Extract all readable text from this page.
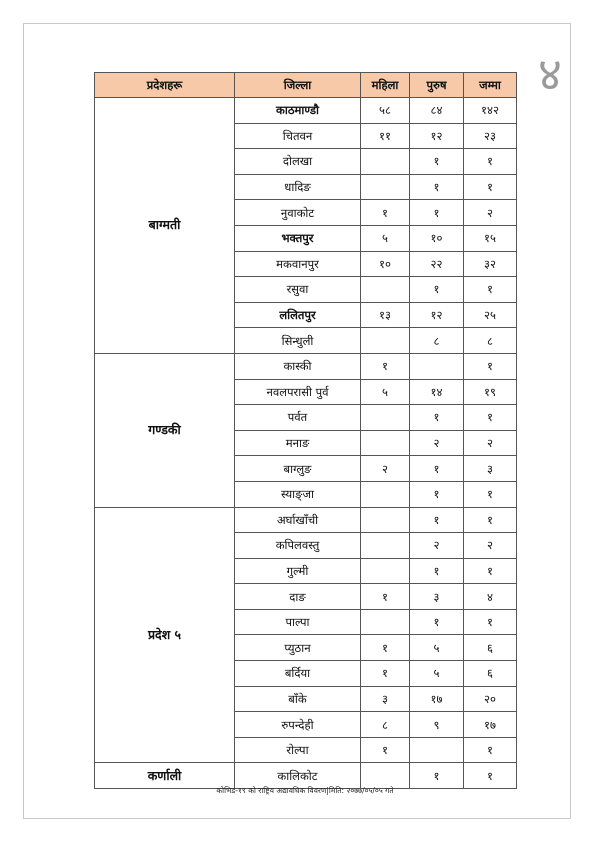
४
प्रदेशहरू	जिल्ला	महिला	पुरुष	जम्मा
बाग्मती	काठमाण्डौ	५८	८४	१४२
	चितवन	११	१२	२३
	दोलखा		१	१
	धादिङ		१	१
	नुवाकोट	१	१	२
	भक्तपुर	५	१०	१५
	मकवानपुर	१०	२२	३२
	रसुवा		१	१
	ललितपुर	१३	१२	२५
	सिन्धुली		८	८
गण्डकी	कास्की	१		१
	नवलपरासी पुर्व	५	१४	१९
	पर्वत		१	१
	मनाङ		२	२
	बाग्लुङ	२	१	३
	स्याङ्जा		१	१
प्रदेश ५	अर्घाखाँची		१	१
	कपिलवस्तु		२	२
	गुल्मी		१	१
	दाङ	१	३	४
	पाल्पा		१	१
	प्युठान	१	५	६
	बर्दिया	१	५	६
	बाँके	३	१७	२०
	रुपन्देही	८	९	१७
	रोल्पा	१		१
कर्णाली	कालिकोट		१	१
कोभिड-१९ को राष्ट्रिय अद्यावधिक विवरण|मिति: २०७७/०५/०५ गते
